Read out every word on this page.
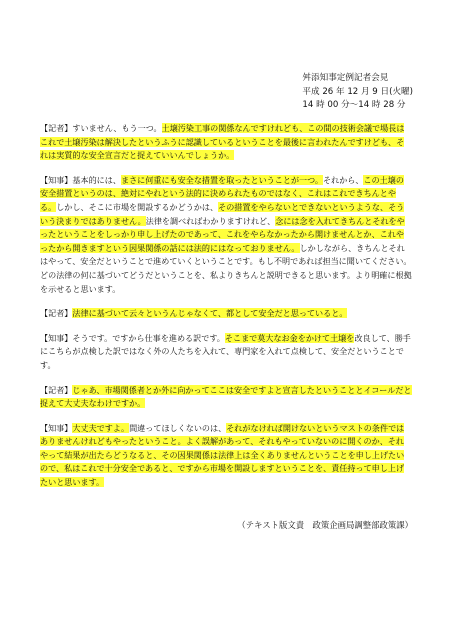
舛添知事定例記者会見
平成 26 年 12 月 9 日(火曜)
14 時 00 分～14 時 28 分

【記者】すいません、もう一つ。土壌汚染工事の関係なんですけれども、この間の技術会議で場長はこれで土壌汚染は解決したというふうに認識しているということを最後に言われたんですけども、それは実質的な安全宣言だと捉えていいんでしょうか。

【知事】基本的には、まさに何重にも安全な措置を取ったということが一つ。それから、この土壌の安全措置というのは、絶対にやれという法的に決められたものではなく、これはこれできちんとやる。しかし、そこに市場を開設するかどうかは、その措置をやらないとできないというような、そういう決まりではありません。法律を調べればわかりますけれど、念には念を入れてきちんとそれをやったということをしっかり申し上げたのであって、これをやらなかったから開けませんとか、これやったから開きますという因果関係の話には法的にはなっておりません。しかしながら、きちんとそれはやって、安全だということで進めていくということです。もし不明であれば担当に聞いてください。どの法律の何に基づいてどうだということを、私よりきちんと説明できると思います。より明確に根拠を示せると思います。

【記者】法律に基づいて云々というんじゃなくて、都として安全だと思っていると。

【知事】そうです。ですから仕事を進める訳です。そこまで莫大なお金をかけて土壌を改良して、勝手にこちらが点検した訳ではなく外の人たちを入れて、専門家を入れて点検して、安全だということです。

【記者】じゃあ、市場関係者とか外に向かってここは安全ですよと宣言したということとイコールだと捉えて大丈夫なわけですか。

【知事】大丈夫ですよ。間違ってほしくないのは、それがなければ開けないというマストの条件ではありませんけれどもやったということ。よく誤解があって、それもやっていないのに開くのか、それやって結果が出たらどうなると、その因果関係は法律上は全くありませんということを申し上げたいので、私はこれで十分安全であると、ですから市場を開設しますということを、責任持って申し上げたいと思います。

（テキスト版文責　政策企画局調整部政策課）
